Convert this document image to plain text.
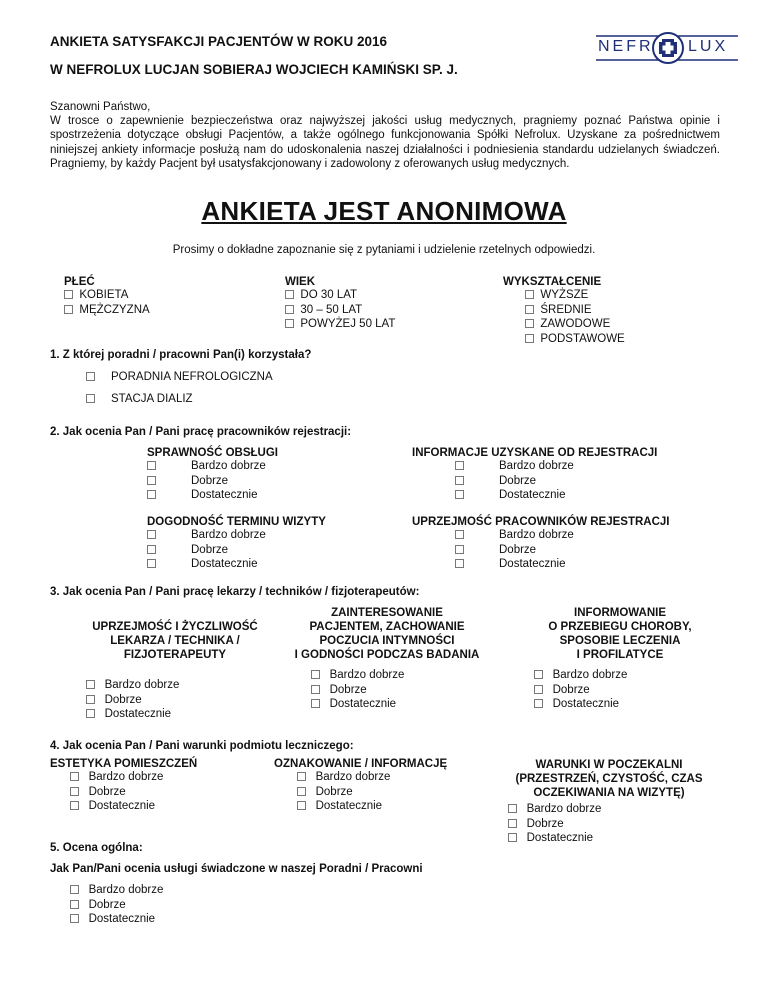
ANKIETA SATYSFAKCJI PACJENTÓW W ROKU 2016
W NEFROLUX LUCJAN SOBIERAJ WOJCIECH KAMIŃSKI SP. J.
NEFR LUX
Szanowni Państwo,
W trosce o zapewnienie bezpieczeństwa oraz najwyższej jakości usług medycznych, pragniemy poznać Państwa opinie i spostrzeżenia dotyczące obsługi Pacjentów, a także ogólnego funkcjonowania Spółki Nefrolux. Uzyskane za pośrednictwem niniejszej ankiety informacje posłużą nam do udoskonalenia naszej działalności i podniesienia standardu udzielanych świadczeń. Pragniemy, by każdy Pacjent był usatysfakcjonowany i zadowolony z oferowanych usług medycznych.
ANKIETA JEST ANONIMOWA
Prosimy o dokładne zapoznanie się z pytaniami i udzielenie rzetelnych odpowiedzi.
PŁEĆ
KOBIETA
MĘŻCZYZNA
WIEK
DO 30 LAT
30 – 50 LAT
POWYŻEJ 50 LAT
WYKSZTAŁCENIE
WYŻSZE
ŚREDNIE
ZAWODOWE
PODSTAWOWE
1. Z której poradni / pracowni Pan(i) korzystała?
PORADNIA NEFROLOGICZNA
STACJA DIALIZ
2. Jak ocenia Pan / Pani pracę pracowników rejestracji:
SPRAWNOŚĆ OBSŁUGI
Bardzo dobrze
Dobrze
Dostatecznie
INFORMACJE UZYSKANE OD REJESTRACJI
Bardzo dobrze
Dobrze
Dostatecznie
DOGODNOŚĆ TERMINU WIZYTY
Bardzo dobrze
Dobrze
Dostatecznie
UPRZEJMOŚĆ PRACOWNIKÓW REJESTRACJI
Bardzo dobrze
Dobrze
Dostatecznie
3. Jak ocenia Pan / Pani pracę lekarzy / techników / fizjoterapeutów:
UPRZEJMOŚĆ I ŻYCZLIWOŚĆ
LEKARZA / TECHNIKA /
FIZJOTERAPEUTY
Bardzo dobrze
Dobrze
Dostatecznie
ZAINTERESOWANIE
PACJENTEM, ZACHOWANIE
POCZUCIA INTYMNOŚCI
I GODNOŚCI PODCZAS BADANIA
Bardzo dobrze
Dobrze
Dostatecznie
INFORMOWANIE
O PRZEBIEGU CHOROBY,
SPOSOBIE LECZENIA
I PROFILATYCE
Bardzo dobrze
Dobrze
Dostatecznie
4. Jak ocenia Pan / Pani warunki podmiotu leczniczego:
ESTETYKA POMIESZCZEŃ
Bardzo dobrze
Dobrze
Dostatecznie
OZNAKOWANIE / INFORMACJĘ
Bardzo dobrze
Dobrze
Dostatecznie
WARUNKI W POCZEKALNI
(PRZESTRZEŃ, CZYSTOŚĆ, CZAS
OCZEKIWANIA NA WIZYTĘ)
Bardzo dobrze
Dobrze
Dostatecznie
5. Ocena ogólna:
Jak Pan/Pani ocenia usługi świadczone w naszej Poradni / Pracowni
Bardzo dobrze
Dobrze
Dostatecznie
